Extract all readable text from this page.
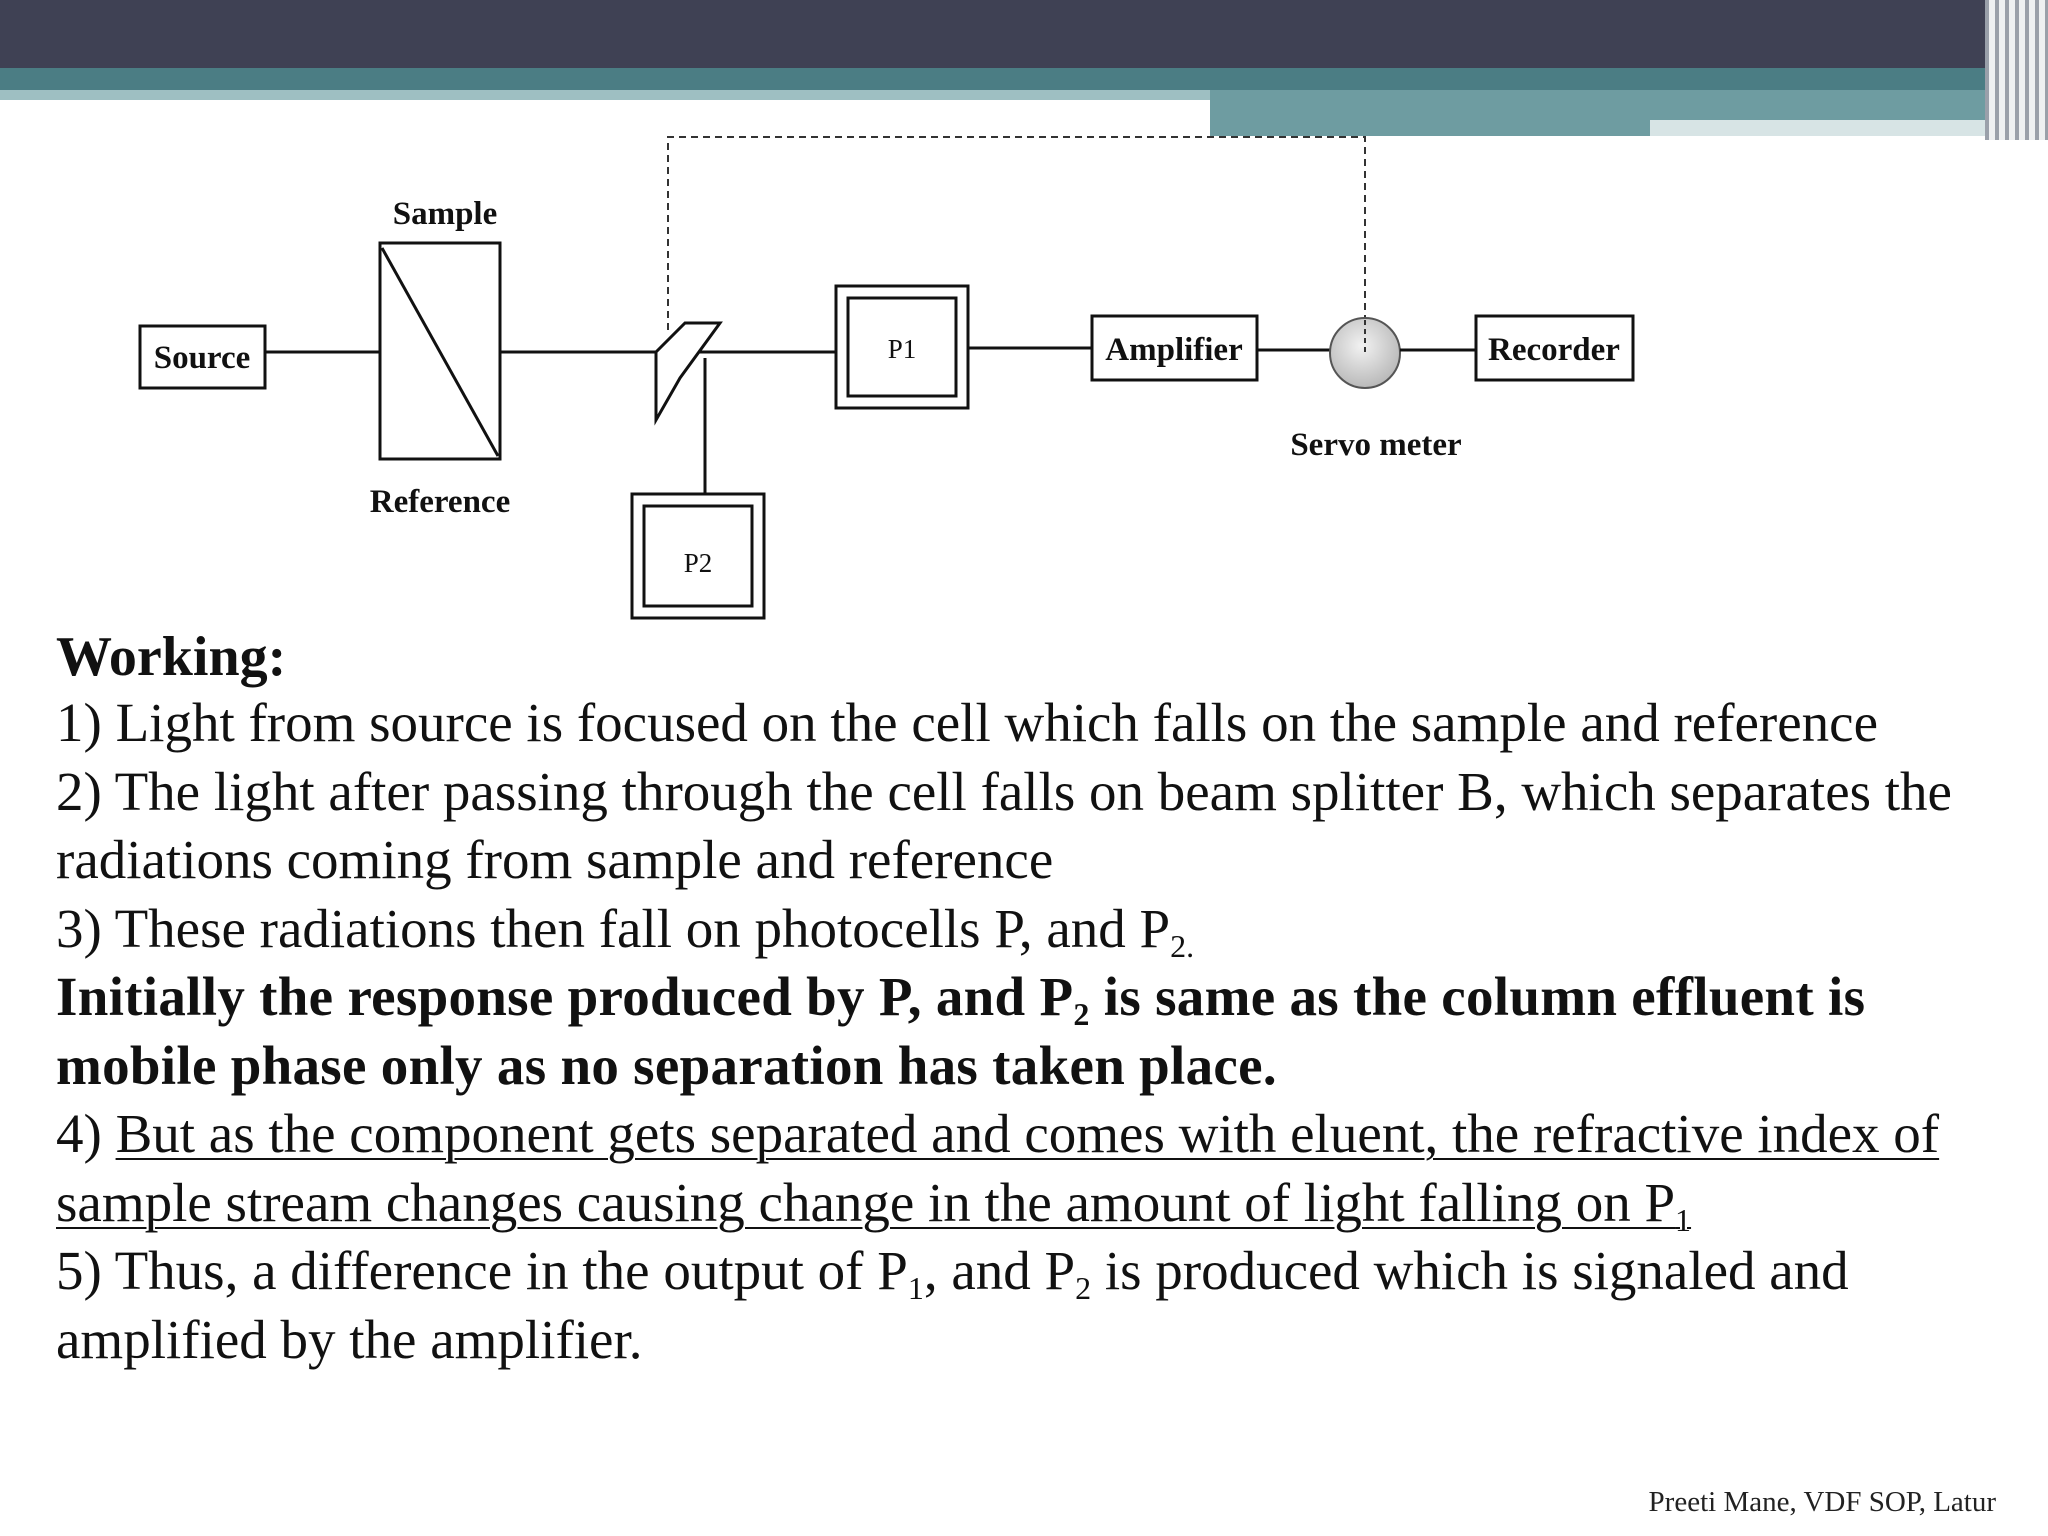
Source
Sample
Reference
P1
P2
Amplifier
Servo meter
Recorder

Working:

1) Light from source is focused on the cell which falls on the sample and reference

2) The light after passing through the cell falls on beam splitter B, which separates the radiations coming from sample and reference

3) These radiations then fall on photocells P, and $P_{2.}$

Initially the response produced by P, and $P_2$ is same as the column effluent is mobile phase only as no separation has taken place.

4) But as the component gets separated and comes with eluent, the refractive index of sample stream changes causing change in the amount of light falling on $P_1$

5) Thus, a difference in the output of $P_1$, and $P_2$ is produced which is signaled and amplified by the amplifier.

Preeti Mane, VDF SOP, Latur
